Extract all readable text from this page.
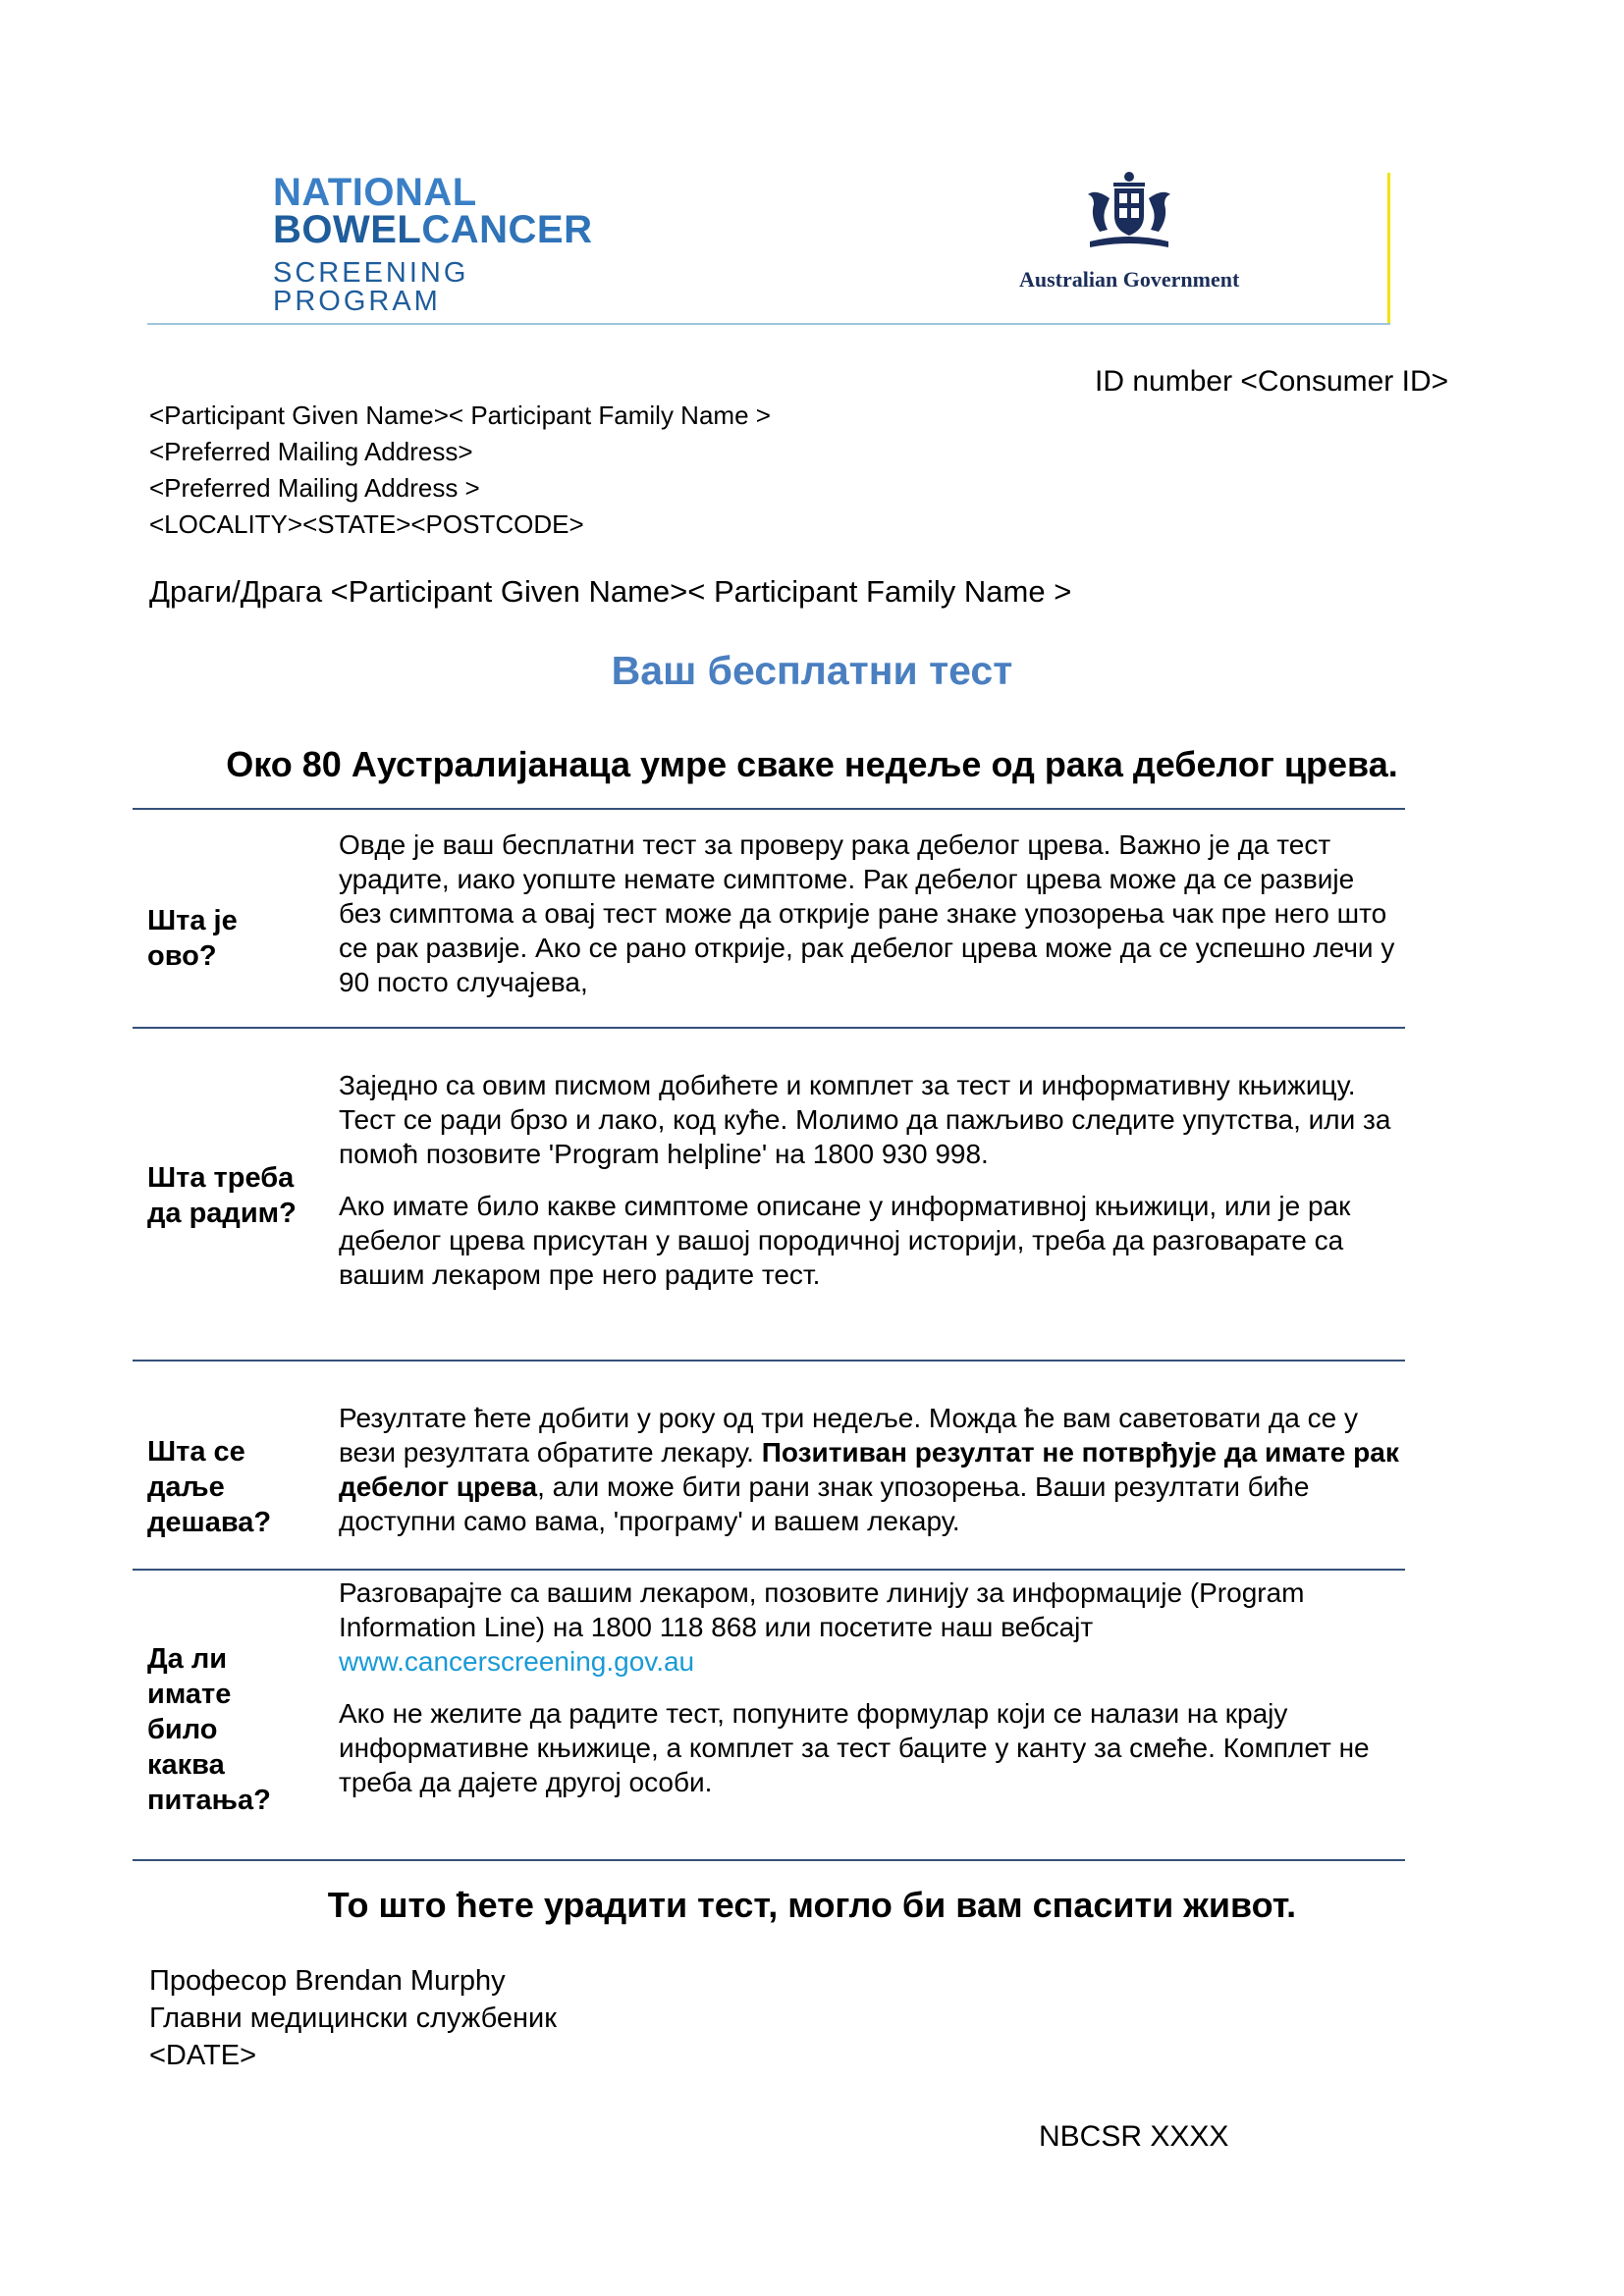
NATIONAL
BOWELCANCER
SCREENING PROGRAM
Australian Government
ID number <Consumer ID>
<Participant Given Name>< Participant Family Name >
<Preferred Mailing Address>
<Preferred Mailing Address >
<LOCALITY><STATE><POSTCODE>
Драги/Драга <Participant Given Name>< Participant Family Name >
Ваш бесплатни тест
Око 80 Аустралијанаца умре сваке недеље од рака дебелог црева.
Шта је ово?

Овде је ваш бесплатни тест за проверу рака дебелог црева. Важно је да тест урадите, иако уопште немате симптоме. Рак дебелог црева може да се развије без симптома а овај тест може да открије ране знаке упозорења чак пре него што се рак развије. Ако се рано открије, рак дебелог црева може да се успешно лечи у 90 посто случајева,

Шта треба да радим?

Заједно са овим писмом добићете и комплет за тест и информативну књижицу. Тест се ради брзо и лако, код куће. Молимо да пажљиво следите упутства, или за помоћ позовите 'Program helpline' на 1800 930 998.

Ако имате било какве симптоме описане у информативној књижици, или је рак дебелог црева присутан у вашој породичној историји, треба да разговарате са вашим лекаром пре него радите тест.

Шта се даље дешава?

Резултате ћете добити у року од три недеље. Можда ће вам саветовати да се у вези резултата обратите лекару. Позитиван резултат не потврђује да имате рак дебелог црева, али може бити рани знак упозорења. Ваши резултати биће доступни само вама, 'програму' и вашем лекару.

Да ли имате било каква питања?

Разговарајте са вашим лекаром, позовите линију за информације (Program Information Line) на 1800 118 868 или посетите наш вебсајт
www.cancerscreening.gov.au

Ако не желите да радите тест, попуните формулар који се налази на крају информативне књижице, а комплет за тест баците у канту за смеће. Комплет не треба да дајете другој особи.

То што ћете урадити тест, могло би вам спасити живот.
Професор Brendan Murphy
Главни медицински службеник
<DATE>
NBCSR XXXX
